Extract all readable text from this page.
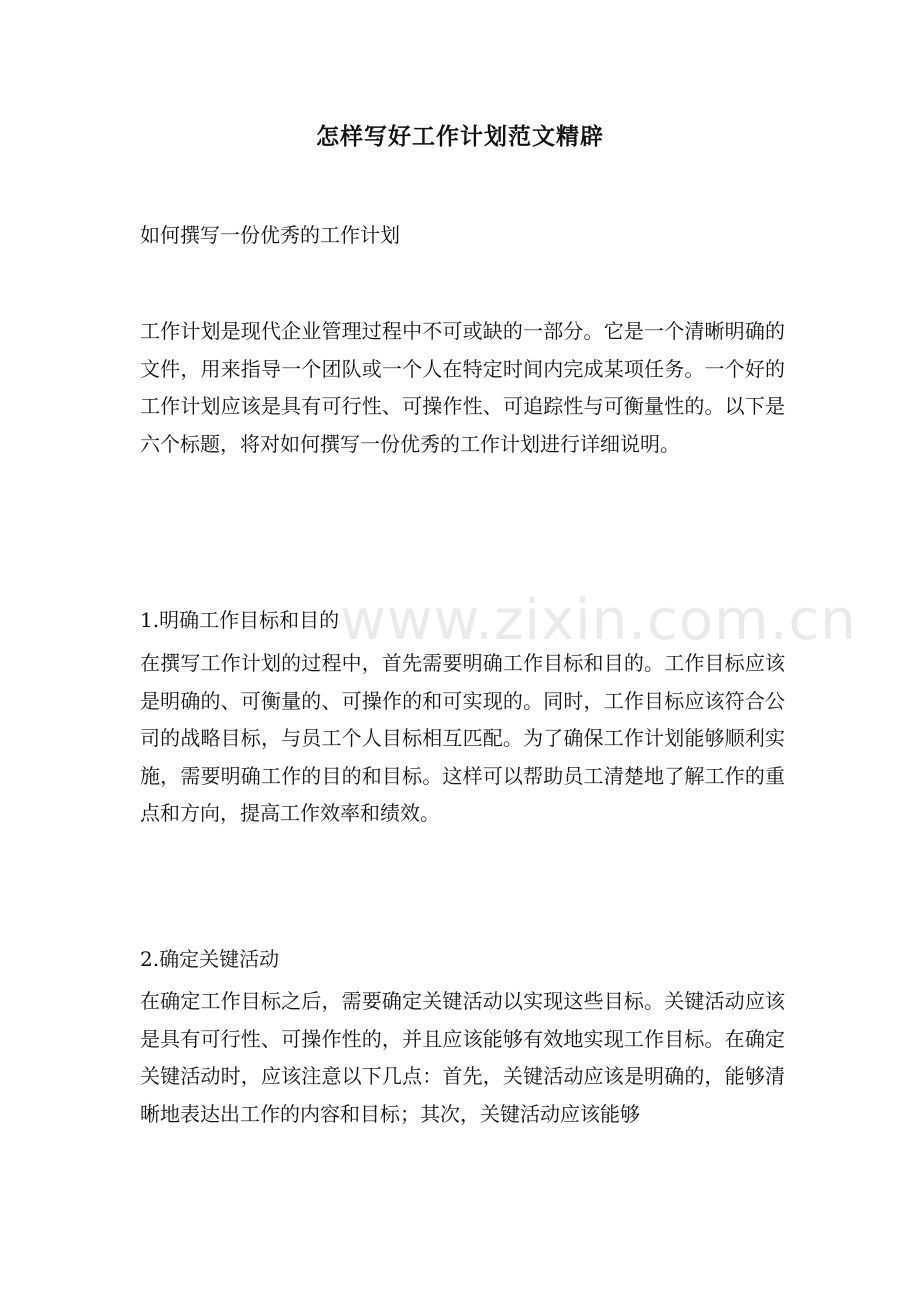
怎样写好工作计划范文精辟

如何撰写一份优秀的工作计划

工作计划是现代企业管理过程中不可或缺的一部分。它是一个清晰明确的文件，用来指导一个团队或一个人在特定时间内完成某项任务。一个好的工作计划应该是具有可行性、可操作性、可追踪性与可衡量性的。以下是六个标题，将对如何撰写一份优秀的工作计划进行详细说明。

1.明确工作目标和目的

在撰写工作计划的过程中，首先需要明确工作目标和目的。工作目标应该是明确的、可衡量的、可操作的和可实现的。同时，工作目标应该符合公司的战略目标，与员工个人目标相互匹配。为了确保工作计划能够顺利实施，需要明确工作的目的和目标。这样可以帮助员工清楚地了解工作的重点和方向，提高工作效率和绩效。

2.确定关键活动

在确定工作目标之后，需要确定关键活动以实现这些目标。关键活动应该是具有可行性、可操作性的，并且应该能够有效地实现工作目标。在确定关键活动时，应该注意以下几点：首先，关键活动应该是明确的，能够清晰地表达出工作的内容和目标；其次，关键活动应该能够

www.zixin.com.cn
